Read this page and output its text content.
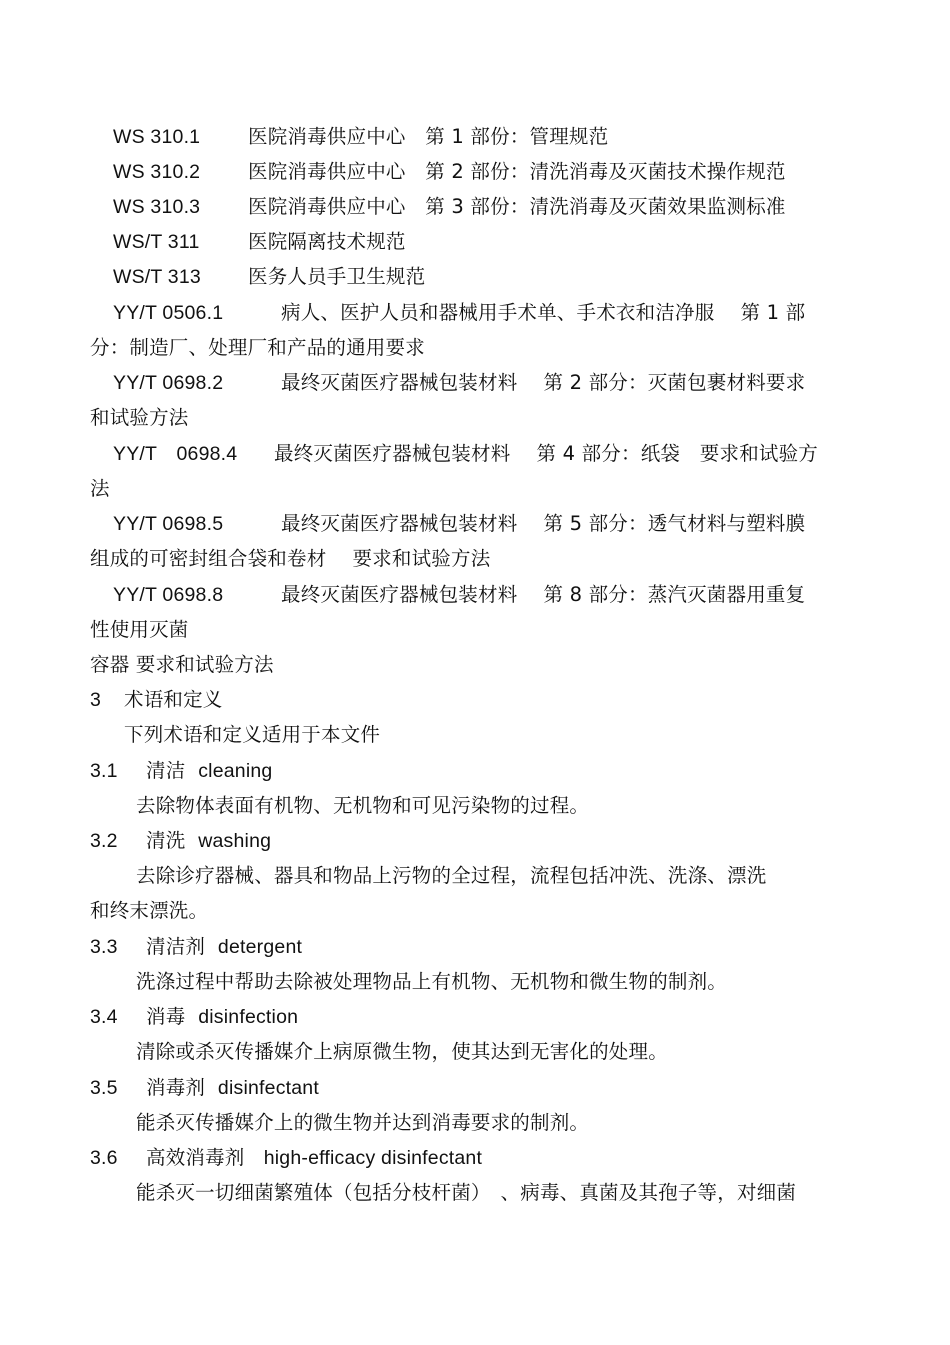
WS 310.1 医院消毒供应中心　第 1 部份：管理规范
WS 310.2 医院消毒供应中心　第 2 部份：清洗消毒及灭菌技术操作规范
WS 310.3 医院消毒供应中心　第 3 部份：清洗消毒及灭菌效果监测标准
WS/T 311 医院隔离技术规范
WS/T 313 医务人员手卫生规范
YY/T 0506.1	病人、医护人员和器械用手术单、手术衣和洁净服　 第 1 部
分：制造厂、处理厂和产品的通用要求
YY/T 0698.2	最终灭菌医疗器械包装材料　 第 2 部分：灭菌包裹材料要求
和试验方法
YY/T　0698.4 最终灭菌医疗器械包装材料　 第 4 部分：纸袋　要求和试验方
法
YY/T 0698.5	最终灭菌医疗器械包装材料　 第 5 部分：透气材料与塑料膜
组成的可密封组合袋和卷材　 要求和试验方法
YY/T 0698.8	最终灭菌医疗器械包装材料　 第 8 部分：蒸汽灭菌器用重复
性使用灭菌
容器 要求和试验方法
3 术语和定义
下列术语和定义适用于本文件
3.1 清洁 cleaning
去除物体表面有机物、无机物和可见污染物的过程。
3.2 清洗 washing
去除诊疗器械、器具和物品上污物的全过程，流程包括冲洗、洗涤、漂洗
和终末漂洗。
3.3 清洁剂 detergent
洗涤过程中帮助去除被处理物品上有机物、无机物和微生物的制剂。
3.4 消毒 disinfection
清除或杀灭传播媒介上病原微生物，使其达到无害化的处理。
3.5 消毒剂 disinfectant
能杀灭传播媒介上的微生物并达到消毒要求的制剂。
3.6 高效消毒剂 high-efficacy disinfectant
能杀灭一切细菌繁殖体（包括分枝杆菌）　、病毒、真菌及其孢子等，对细菌
